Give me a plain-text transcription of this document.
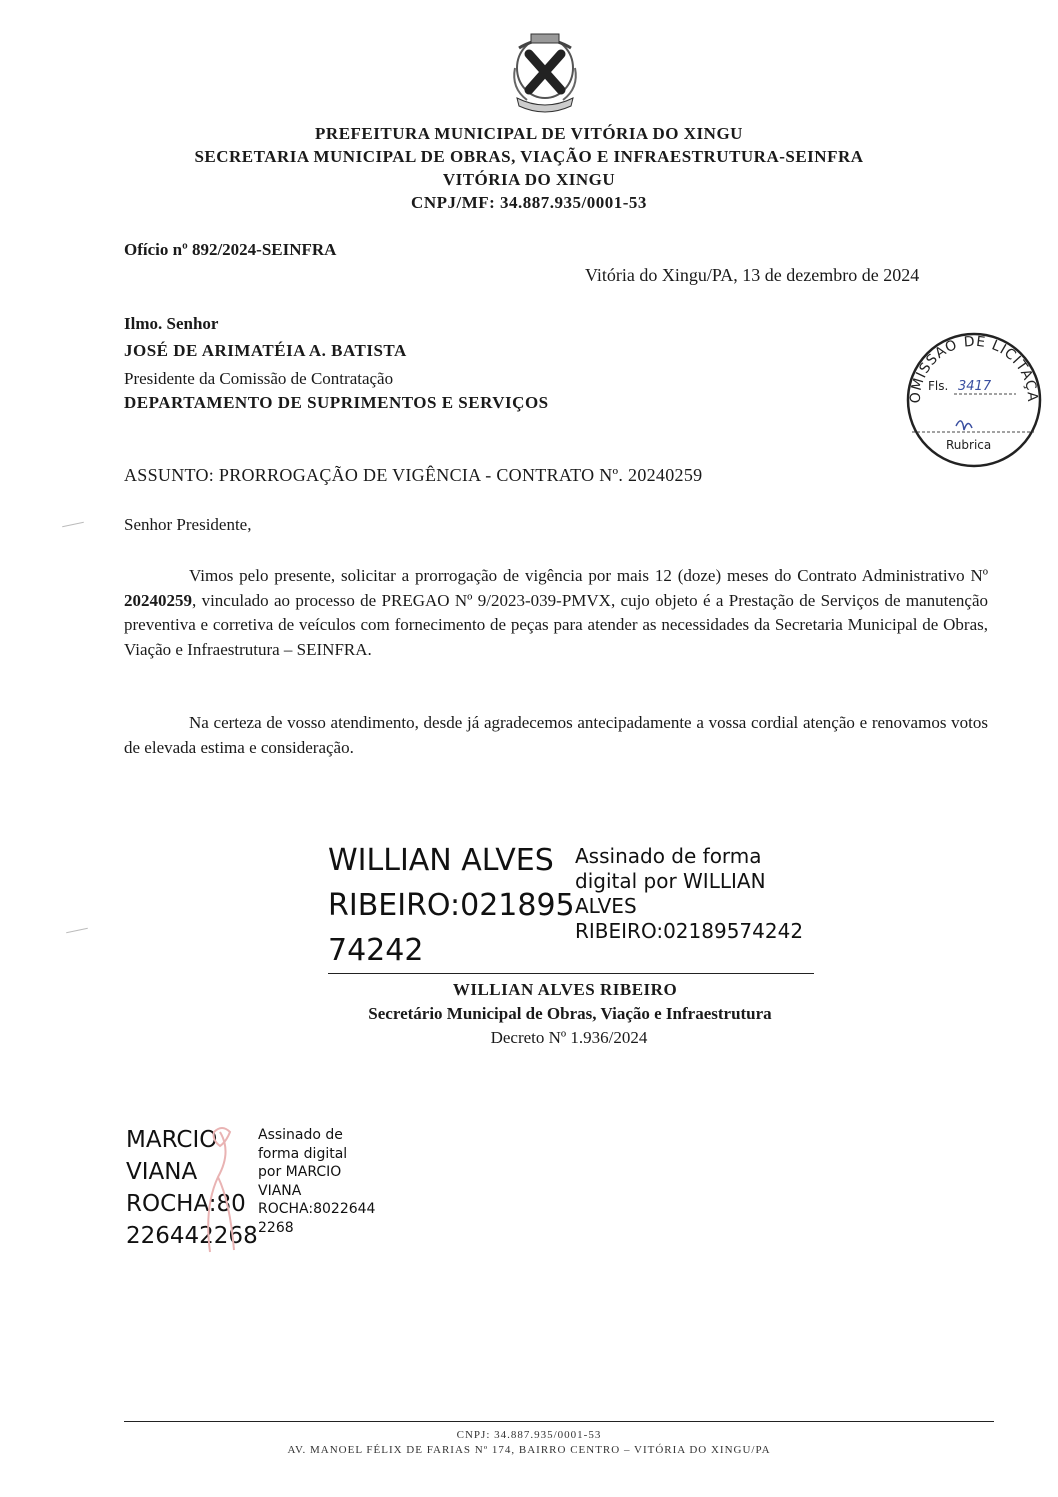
PREFEITURA MUNICIPAL DE VITÓRIA DO XINGU
SECRETARIA MUNICIPAL DE OBRAS, VIAÇÃO E INFRAESTRUTURA-SEINFRA
VITÓRIA DO XINGU
CNPJ/MF: 34.887.935/0001-53
Ofício nº 892/2024-SEINFRA
Vitória do Xingu/PA, 13 de dezembro de 2024
Ilmo. Senhor
JOSÉ DE ARIMATÉIA A. BATISTA
Presidente da Comissão de Contratação
DEPARTAMENTO DE SUPRIMENTOS E SERVIÇOS	OMISSÃO DE LICITAÇÃ
Fls. 3417
Rubrica
ASSUNTO: PRORROGAÇÃO DE VIGÊNCIA - CONTRATO Nº. 20240259
Senhor Presidente,
Vimos pelo presente, solicitar a prorrogação de vigência por mais 12 (doze) meses do Contrato Administrativo Nº 20240259, vinculado ao processo de PREGAO Nº 9/2023-039-PMVX, cujo objeto é a Prestação de Serviços de manutenção preventiva e corretiva de veículos com fornecimento de peças para atender as necessidades da Secretaria Municipal de Obras, Viação e Infraestrutura – SEINFRA.
Na certeza de vosso atendimento, desde já agradecemos antecipadamente a vossa cordial atenção e renovamos votos de elevada estima e consideração.
WILLIAN ALVES
RIBEIRO:021895
74242
Assinado de forma
digital por WILLIAN
ALVES
RIBEIRO:02189574242
WILLIAN ALVES RIBEIRO
Secretário Municipal de Obras, Viação e Infraestrutura
Decreto Nº 1.936/2024
MARCIO
VIANA
ROCHA:80
226442268
Assinado de
forma digital
por MARCIO
VIANA
ROCHA:8022644
2268
CNPJ: 34.887.935/0001-53
AV. MANOEL FÉLIX DE FARIAS Nº 174, BAIRRO CENTRO – VITÓRIA DO XINGU/PA
